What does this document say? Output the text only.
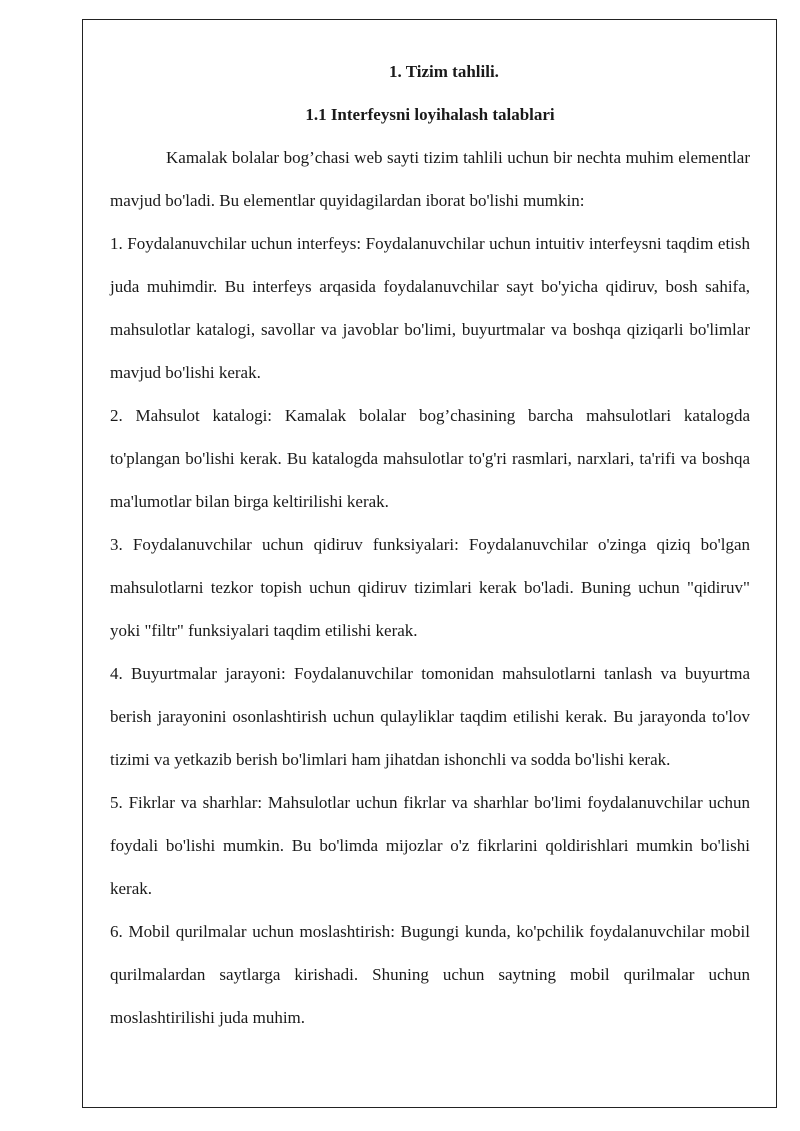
1. Tizim tahlili.

1.1 Interfeysni loyihalash talablari

Kamalak bolalar bog’chasi web sayti tizim tahlili uchun bir nechta muhim elementlar mavjud bo'ladi. Bu elementlar quyidagilardan iborat bo'lishi mumkin:

1. Foydalanuvchilar uchun interfeys: Foydalanuvchilar uchun intuitiv interfeysni taqdim etish juda muhimdir. Bu interfeys arqasida foydalanuvchilar sayt bo'yicha qidiruv, bosh sahifa, mahsulotlar katalogi, savollar va javoblar bo'limi, buyurtmalar va boshqa qiziqarli bo'limlar mavjud bo'lishi kerak.

2. Mahsulot katalogi: Kamalak bolalar bog’chasining barcha mahsulotlari katalogda to'plangan bo'lishi kerak. Bu katalogda mahsulotlar to'g'ri rasmlari, narxlari, ta'rifi va boshqa ma'lumotlar bilan birga keltirilishi kerak.

3. Foydalanuvchilar uchun qidiruv funksiyalari: Foydalanuvchilar o'zinga qiziq bo'lgan mahsulotlarni tezkor topish uchun qidiruv tizimlari kerak bo'ladi. Buning uchun "qidiruv" yoki "filtr" funksiyalari taqdim etilishi kerak.

4. Buyurtmalar jarayoni: Foydalanuvchilar tomonidan mahsulotlarni tanlash va buyurtma berish jarayonini osonlashtirish uchun qulayliklar taqdim etilishi kerak. Bu jarayonda to'lov tizimi va yetkazib berish bo'limlari ham jihatdan ishonchli va sodda bo'lishi kerak.

5. Fikrlar va sharhlar: Mahsulotlar uchun fikrlar va sharhlar bo'limi foydalanuvchilar uchun foydali bo'lishi mumkin. Bu bo'limda mijozlar o'z fikrlarini qoldirishlari mumkin bo'lishi kerak.

6. Mobil qurilmalar uchun moslashtirish: Bugungi kunda, ko'pchilik foydalanuvchilar mobil qurilmalardan saytlarga kirishadi. Shuning uchun saytning mobil qurilmalar uchun moslashtirilishi juda muhim.
